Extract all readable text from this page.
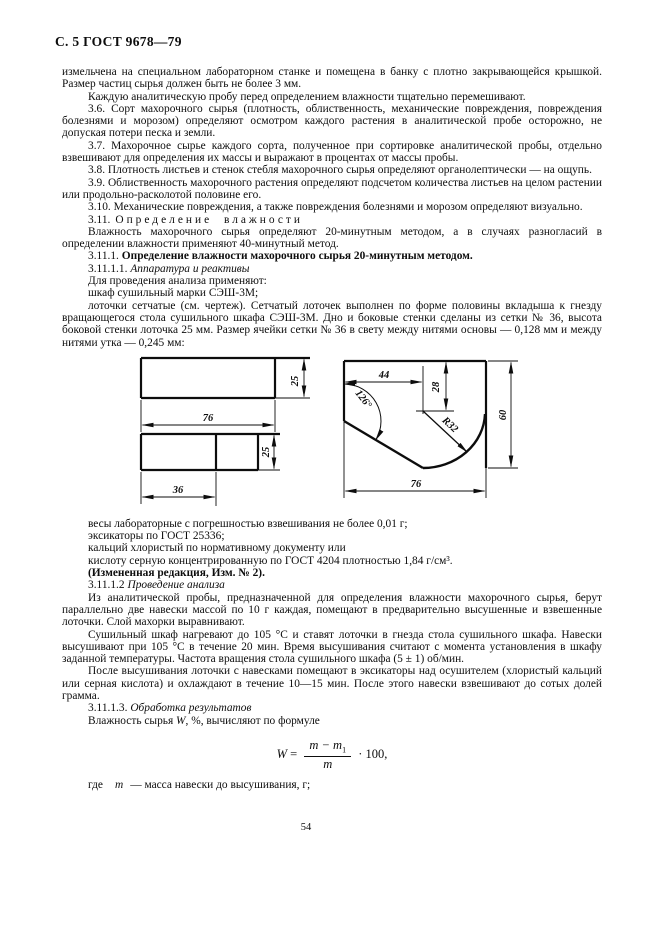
С. 5 ГОСТ 9678—79

измельчена на специальном лабораторном станке и помещена в банку с плотно закрывающейся крышкой. Размер частиц сырья должен быть не более 3 мм.

Каждую аналитическую пробу перед определением влажности тщательно перемешивают.

3.6. Сорт махорочного сырья (плотность, облиственность, механические повреждения, повреждения болезнями и морозом) определяют осмотром каждого растения в аналитической пробе осторожно, не допуская потери песка и земли.

3.7. Махорочное сырье каждого сорта, полученное при сортировке аналитической пробы, отдельно взвешивают для определения их массы и выражают в процентах от массы пробы.

3.8. Плотность листьев и стенок стебля махорочного сырья определяют органолептически — на ощупь.

3.9. Облиственность махорочного растения определяют подсчетом количества листьев на целом растении или продольно-расколотой половине его.

3.10. Механические повреждения, а также повреждения болезнями и морозом определяют визуально.

3.11. Определение влажности

Влажность махорочного сырья определяют 20-минутным методом, а в случаях разногласий в определении влажности применяют 40-минутный метод.

3.11.1. Определение влажности махорочного сырья 20-минутным методом.

3.11.1.1. Аппаратура и реактивы

Для проведения анализа применяют:

шкаф сушильный марки СЭШ-3М;

лоточки сетчатые (см. чертеж). Сетчатый лоточек выполнен по форме половины вкладыша к гнезду вращающегося стола сушильного шкафа СЭШ-3М. Дно и боковые стенки сделаны из сетки № 36, высота боковой стенки лоточка 25 мм. Размер ячейки сетки № 36 в свету между нитями основы — 0,128 мм и между нитями утка — 0,245 мм:

25
76
25
36
44
28
R32
126°
60
76

весы лабораторные с погрешностью взвешивания не более 0,01 г;

эксикаторы по ГОСТ 25336;

кальций хлористый по нормативному документу или

кислоту серную концентрированную по ГОСТ 4204 плотностью 1,84 г/см³.

(Измененная редакция, Изм. № 2).

3.11.1.2 Проведение анализа

Из аналитической пробы, предназначенной для определения влажности махорочного сырья, берут параллельно две навески массой по 10 г каждая, помещают в предварительно высушенные и взвешенные лоточки. Слой махорки выравнивают.

Сушильный шкаф нагревают до 105 °С и ставят лоточки в гнезда стола сушильного шкафа. Навески высушивают при 105 °С в течение 20 мин. Время высушивания считают с момента установления в шкафу заданной температуры. Частота вращения стола сушильного шкафа (5 ± 1) об/мин.

После высушивания лоточки с навесками помещают в эксикаторы над осушителем (хлористый кальций или серная кислота) и охлаждают в течение 10—15 мин. После этого навески взвешивают до сотых долей грамма.

3.11.1.3. Обработка результатов

Влажность сырья W, %, вычисляют по формуле

$W = \frac{m - m_1}{m} \cdot 100$,

где m — масса навески до высушивания, г;

54
